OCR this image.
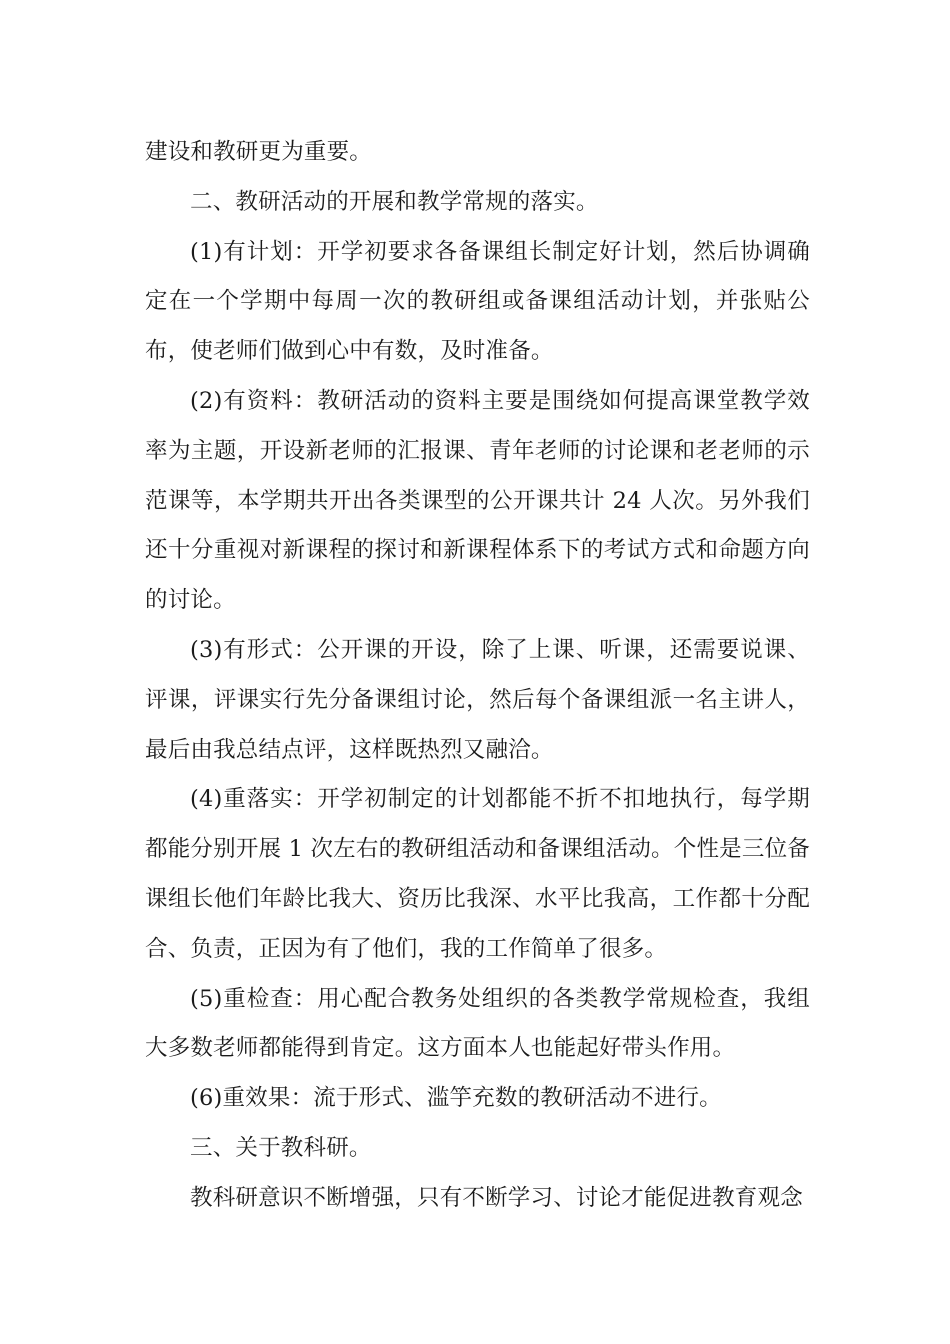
建设和教研更为重要。

二、教研活动的开展和教学常规的落实。

(1)有计划：开学初要求各备课组长制定好计划，然后协调确定在一个学期中每周一次的教研组或备课组活动计划，并张贴公布，使老师们做到心中有数，及时准备。

(2)有资料：教研活动的资料主要是围绕如何提高课堂教学效率为主题，开设新老师的汇报课、青年老师的讨论课和老老师的示范课等，本学期共开出各类课型的公开课共计 24 人次。另外我们还十分重视对新课程的探讨和新课程体系下的考试方式和命题方向的讨论。

(3)有形式：公开课的开设，除了上课、听课，还需要说课、评课，评课实行先分备课组讨论，然后每个备课组派一名主讲人，最后由我总结点评，这样既热烈又融洽。

(4)重落实：开学初制定的计划都能不折不扣地执行，每学期都能分别开展 1 次左右的教研组活动和备课组活动。个性是三位备课组长他们年龄比我大、资历比我深、水平比我高，工作都十分配合、负责，正因为有了他们，我的工作简单了很多。

(5)重检查：用心配合教务处组织的各类教学常规检查，我组大多数老师都能得到肯定。这方面本人也能起好带头作用。

(6)重效果：流于形式、滥竽充数的教研活动不进行。

三、关于教科研。

教科研意识不断增强，只有不断学习、讨论才能促进教育观念
